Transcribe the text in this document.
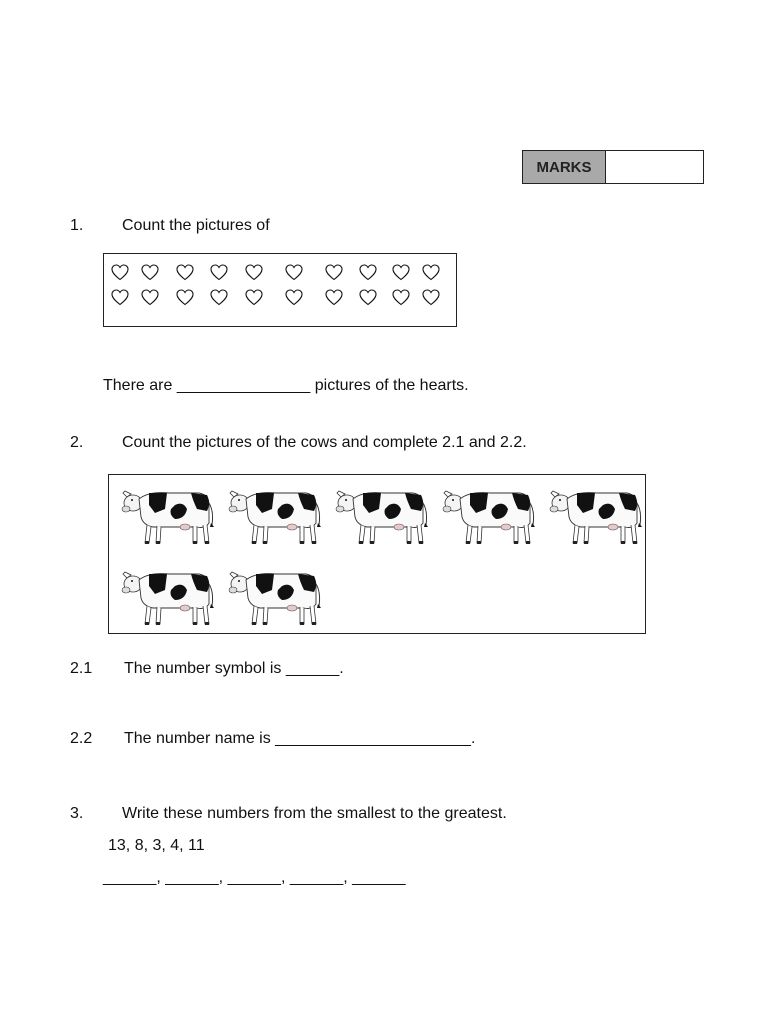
MARKS
1. Count the pictures of
There are _______________ pictures of the hearts.
2. Count the pictures of the cows and complete 2.1 and 2.2.
2.1 The number symbol is ______.
2.2 The number name is ______________________.
3. Write these numbers from the smallest to the greatest.
13, 8, 3, 4, 11
______, ______, ______, ______, ______
